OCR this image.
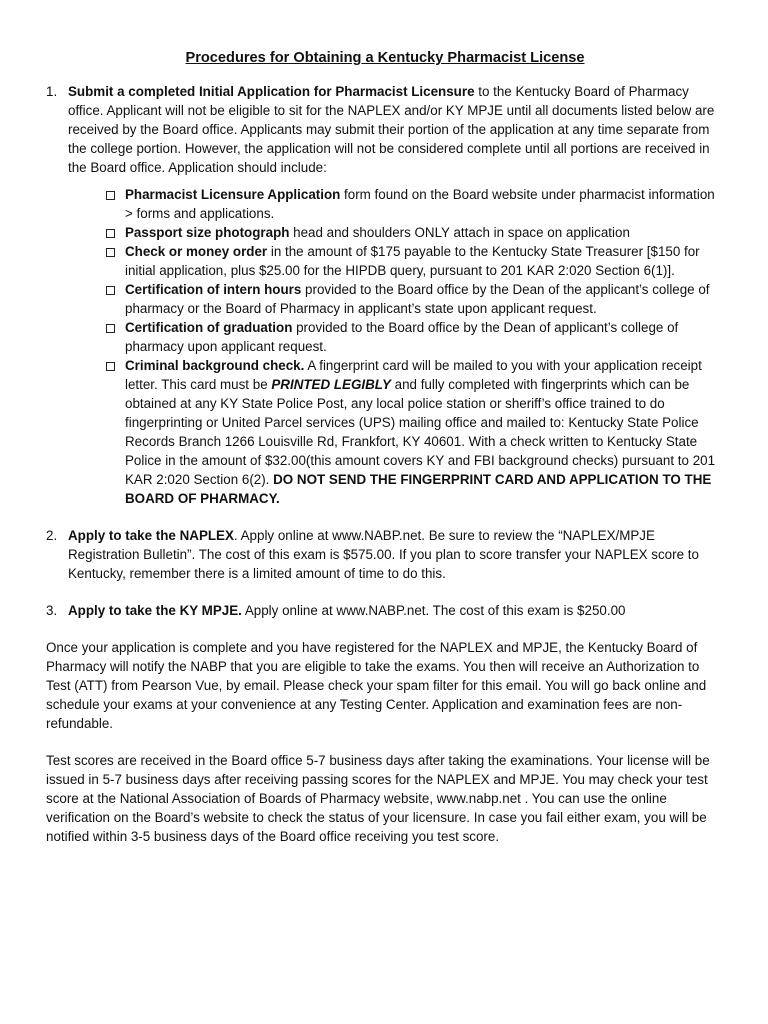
Procedures for Obtaining a Kentucky Pharmacist License
1. Submit a completed Initial Application for Pharmacist Licensure to the Kentucky Board of Pharmacy office. Applicant will not be eligible to sit for the NAPLEX and/or KY MPJE until all documents listed below are received by the Board office. Applicants may submit their portion of the application at any time separate from the college portion. However, the application will not be considered complete until all portions are received in the Board office. Application should include:
Pharmacist Licensure Application form found on the Board website under pharmacist information > forms and applications.
Passport size photograph head and shoulders ONLY attach in space on application
Check or money order in the amount of $175 payable to the Kentucky State Treasurer [$150 for initial application, plus $25.00 for the HIPDB query, pursuant to 201 KAR 2:020 Section 6(1)].
Certification of intern hours provided to the Board office by the Dean of the applicant’s college of pharmacy or the Board of Pharmacy in applicant’s state upon applicant request.
Certification of graduation provided to the Board office by the Dean of applicant’s college of pharmacy upon applicant request.
Criminal background check. A fingerprint card will be mailed to you with your application receipt letter. This card must be PRINTED LEGIBLY and fully completed with fingerprints which can be obtained at any KY State Police Post, any local police station or sheriff’s office trained to do fingerprinting or United Parcel services (UPS) mailing office and mailed to: Kentucky State Police Records Branch 1266 Louisville Rd, Frankfort, KY 40601. With a check written to Kentucky State Police in the amount of $32.00(this amount covers KY and FBI background checks) pursuant to 201 KAR 2:020 Section 6(2). DO NOT SEND THE FINGERPRINT CARD AND APPLICATION TO THE BOARD OF PHARMACY.
2. Apply to take the NAPLEX. Apply online at www.NABP.net. Be sure to review the “NAPLEX/MPJE Registration Bulletin”. The cost of this exam is $575.00. If you plan to score transfer your NAPLEX score to Kentucky, remember there is a limited amount of time to do this.
3. Apply to take the KY MPJE. Apply online at www.NABP.net. The cost of this exam is $250.00

Once your application is complete and you have registered for the NAPLEX and MPJE, the Kentucky Board of Pharmacy will notify the NABP that you are eligible to take the exams. You then will receive an Authorization to Test (ATT) from Pearson Vue, by email. Please check your spam filter for this email. You will go back online and schedule your exams at your convenience at any Testing Center. Application and examination fees are non-refundable.

Test scores are received in the Board office 5-7 business days after taking the examinations. Your license will be issued in 5-7 business days after receiving passing scores for the NAPLEX and MPJE. You may check your test score at the National Association of Boards of Pharmacy website, www.nabp.net . You can use the online verification on the Board’s website to check the status of your licensure. In case you fail either exam, you will be notified within 3-5 business days of the Board office receiving you test score.
